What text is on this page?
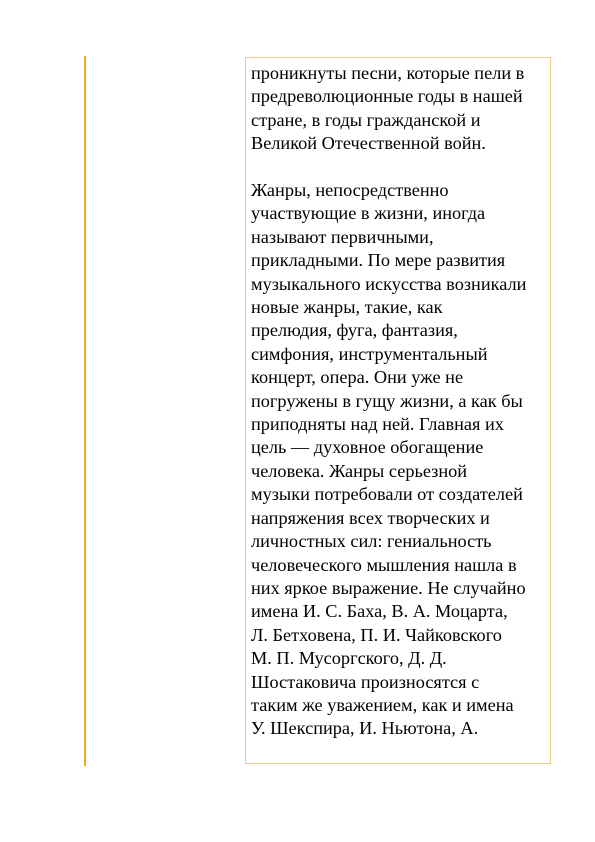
проникнуты песни, которые пели в
предреволюционные годы в нашей
стране, в годы гражданской и
Великой Отечественной войн.

Жанры, непосредственно
участвующие в жизни, иногда
называют первичными,
прикладными. По мере развития
музыкального искусства возникали
новые жанры, такие, как
прелюдия, фуга, фантазия,
симфония, инструментальный
концерт, опера. Они уже не
погружены в гущу жизни, а как бы
приподняты над ней. Главная их
цель — духовное обогащение
человека. Жанры серьезной
музыки потребовали от создателей
напряжения всех творческих и
личностных сил: гениальность
человеческого мышления нашла в
них яркое выражение. Не случайно
имена И. С. Баха, В. А. Моцарта,
Л. Бетховена, П. И. Чайковского
М. П. Мусоргского, Д. Д.
Шостаковича произносятся с
таким же уважением, как и имена
У. Шекспира, И. Ньютона, А.
